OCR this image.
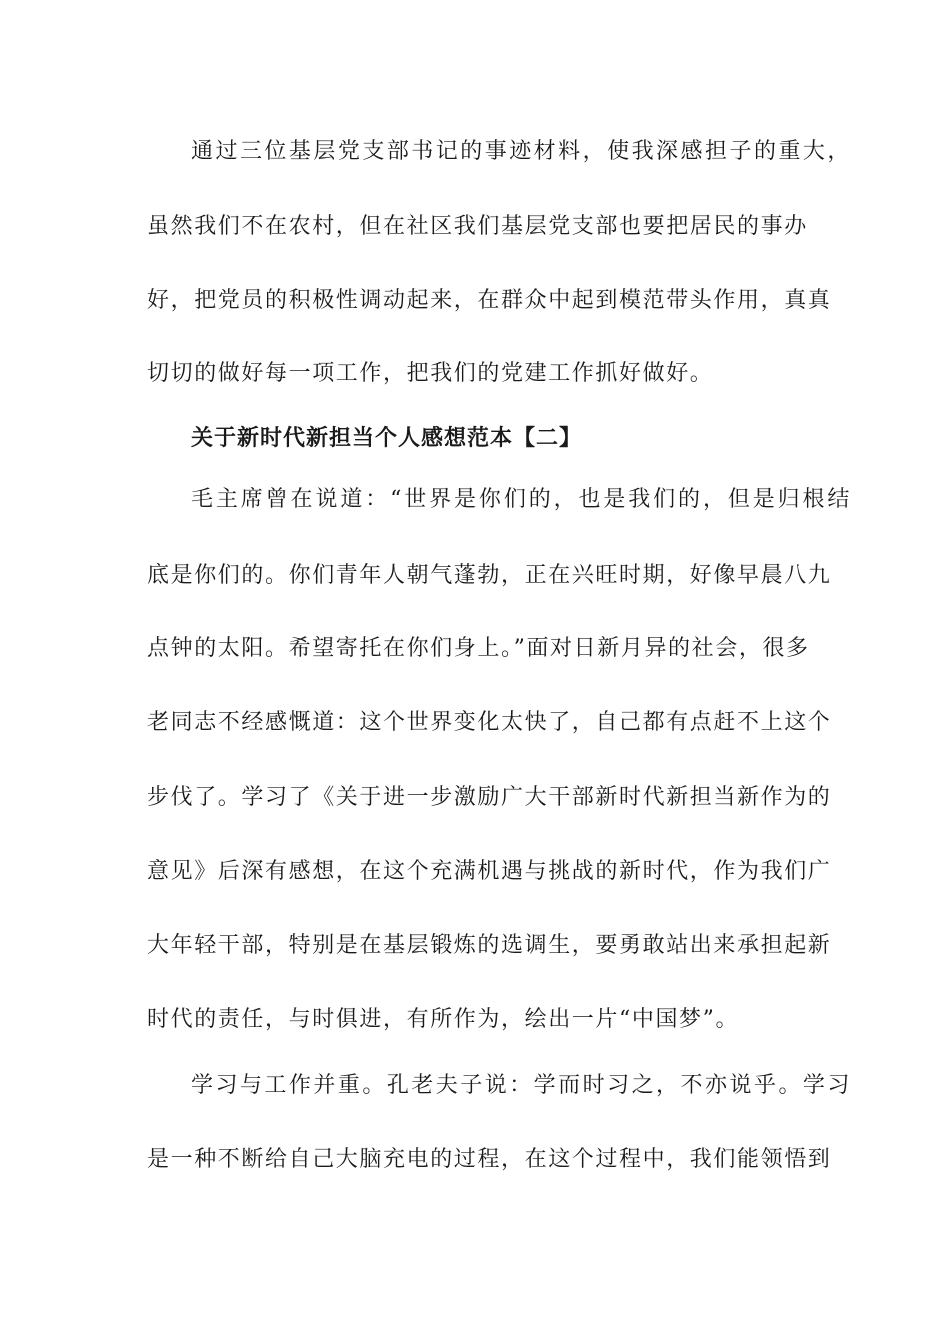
通过三位基层党支部书记的事迹材料，使我深感担子的重大，

虽然我们不在农村，但在社区我们基层党支部也要把居民的事办

好，把党员的积极性调动起来，在群众中起到模范带头作用，真真

切切的做好每一项工作，把我们的党建工作抓好做好。

关于新时代新担当个人感想范本【二】

毛主席曾在说道：“世界是你们的，也是我们的，但是归根结

底是你们的。你们青年人朝气蓬勃，正在兴旺时期，好像早晨八九

点钟的太阳。希望寄托在你们身上。”面对日新月异的社会，很多

老同志不经感慨道：这个世界变化太快了，自己都有点赶不上这个

步伐了。学习了《关于进一步激励广大干部新时代新担当新作为的

意见》后深有感想，在这个充满机遇与挑战的新时代，作为我们广

大年轻干部，特别是在基层锻炼的选调生，要勇敢站出来承担起新

时代的责任，与时俱进，有所作为，绘出一片“中国梦”。

学习与工作并重。孔老夫子说：学而时习之，不亦说乎。学习

是一种不断给自己大脑充电的过程，在这个过程中，我们能领悟到
